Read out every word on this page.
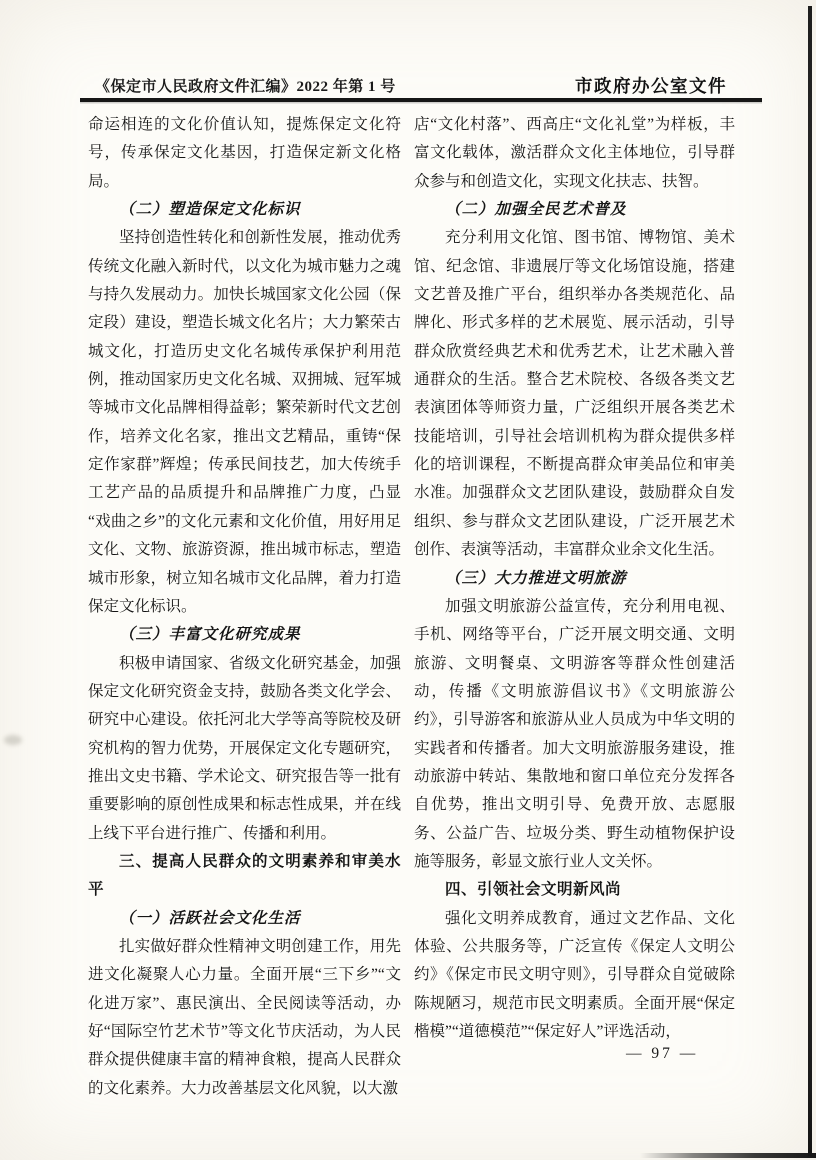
《保定市人民政府文件汇编》2022 年第 1 号	市政府办公室文件

命运相连的文化价值认知，提炼保定文化符号，传承保定文化基因，打造保定新文化格局。

（二）塑造保定文化标识

坚持创造性转化和创新性发展，推动优秀传统文化融入新时代，以文化为城市魅力之魂与持久发展动力。加快长城国家文化公园（保定段）建设，塑造长城文化名片；大力繁荣古城文化，打造历史文化名城传承保护利用范例，推动国家历史文化名城、双拥城、冠军城等城市文化品牌相得益彰；繁荣新时代文艺创作，培养文化名家，推出文艺精品，重铸“保定作家群”辉煌；传承民间技艺，加大传统手工艺产品的品质提升和品牌推广力度，凸显“戏曲之乡”的文化元素和文化价值，用好用足文化、文物、旅游资源，推出城市标志，塑造城市形象，树立知名城市文化品牌，着力打造保定文化标识。

（三）丰富文化研究成果

积极申请国家、省级文化研究基金，加强保定文化研究资金支持，鼓励各类文化学会、研究中心建设。依托河北大学等高等院校及研究机构的智力优势，开展保定文化专题研究，推出文史书籍、学术论文、研究报告等一批有重要影响的原创性成果和标志性成果，并在线上线下平台进行推广、传播和利用。

三、提高人民群众的文明素养和审美水平

（一）活跃社会文化生活

扎实做好群众性精神文明创建工作，用先进文化凝聚人心力量。全面开展“三下乡”“文化进万家”、惠民演出、全民阅读等活动，办好“国际空竹艺术节”等文化节庆活动，为人民群众提供健康丰富的精神食粮，提高人民群众的文化素养。大力改善基层文化风貌，以大激

店“文化村落”、西高庄“文化礼堂”为样板，丰富文化载体，激活群众文化主体地位，引导群众参与和创造文化，实现文化扶志、扶智。

（二）加强全民艺术普及

充分利用文化馆、图书馆、博物馆、美术馆、纪念馆、非遗展厅等文化场馆设施，搭建文艺普及推广平台，组织举办各类规范化、品牌化、形式多样的艺术展览、展示活动，引导群众欣赏经典艺术和优秀艺术，让艺术融入普通群众的生活。整合艺术院校、各级各类文艺表演团体等师资力量，广泛组织开展各类艺术技能培训，引导社会培训机构为群众提供多样化的培训课程，不断提高群众审美品位和审美水准。加强群众文艺团队建设，鼓励群众自发组织、参与群众文艺团队建设，广泛开展艺术创作、表演等活动，丰富群众业余文化生活。

（三）大力推进文明旅游

加强文明旅游公益宣传，充分利用电视、手机、网络等平台，广泛开展文明交通、文明旅游、文明餐桌、文明游客等群众性创建活动，传播《文明旅游倡议书》《文明旅游公约》，引导游客和旅游从业人员成为中华文明的实践者和传播者。加大文明旅游服务建设，推动旅游中转站、集散地和窗口单位充分发挥各自优势，推出文明引导、免费开放、志愿服务、公益广告、垃圾分类、野生动植物保护设施等服务，彰显文旅行业人文关怀。

四、引领社会文明新风尚

强化文明养成教育，通过文艺作品、文化体验、公共服务等，广泛宣传《保定人文明公约》《保定市民文明守则》，引导群众自觉破除陈规陋习，规范市民文明素质。全面开展“保定楷模”“道德模范”“保定好人”评选活动，

— 97 —
